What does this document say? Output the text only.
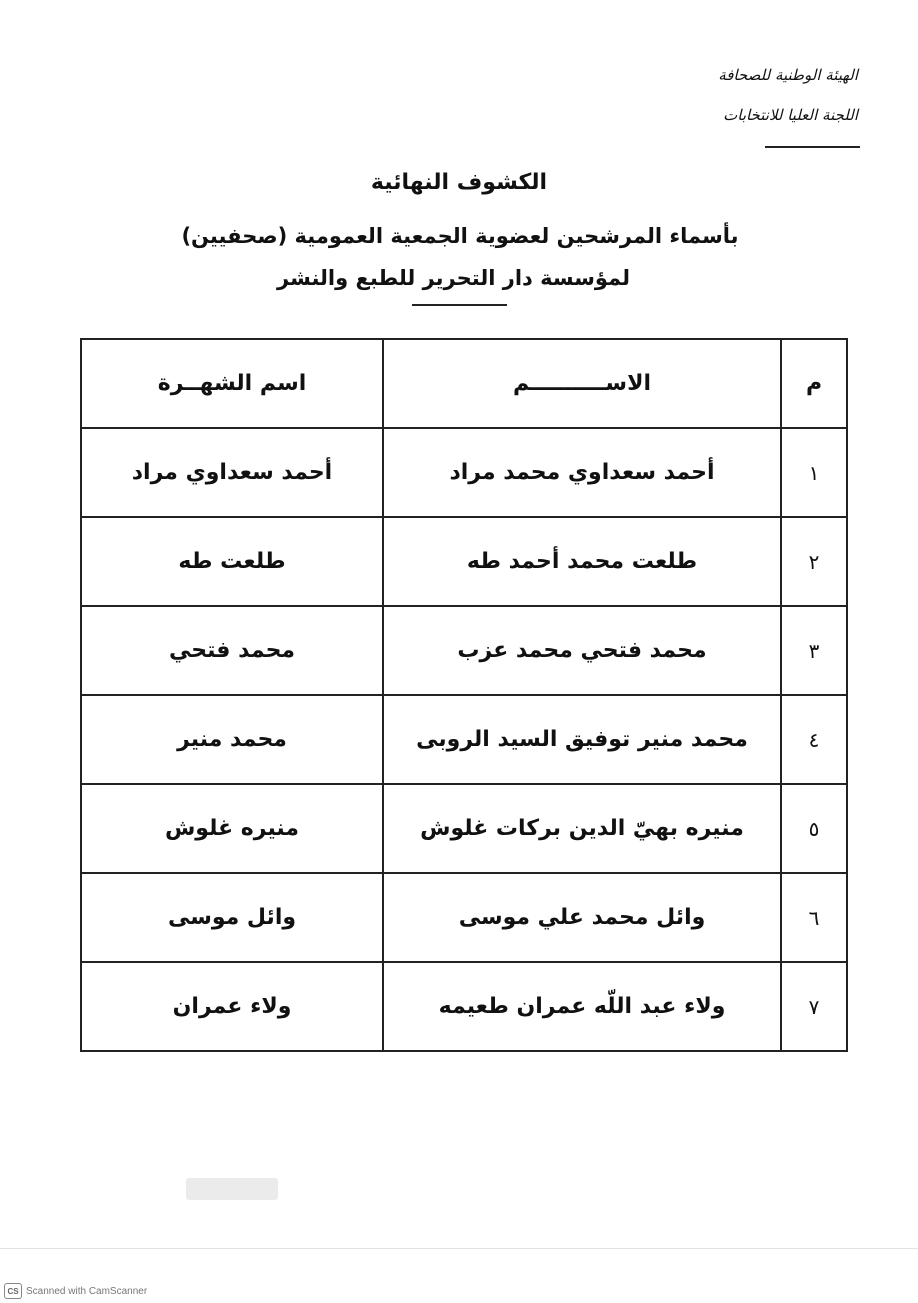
الهيئة الوطنية للصحافة
اللجنة العليا للانتخابات
الكشوف النهائية
بأسماء المرشحين لعضوية الجمعية العمومية (صحفيين)
لمؤسسة دار التحرير للطبع والنشر
م	الاســــــــــم	اسم الشهــرة
١	أحمد سعداوي محمد مراد	أحمد سعداوي مراد
٢	طلعت محمد أحمد طه	طلعت طه
٣	محمد فتحي محمد عزب	محمد فتحي
٤	محمد منير توفيق السيد الروبى	محمد منير
٥	منيره بهيّ الدين بركات غلوش	منيره غلوش
٦	وائل محمد علي موسى	وائل موسى
٧	ولاء عبد اللّه عمران طعيمه	ولاء عمران
CS Scanned with CamScanner
